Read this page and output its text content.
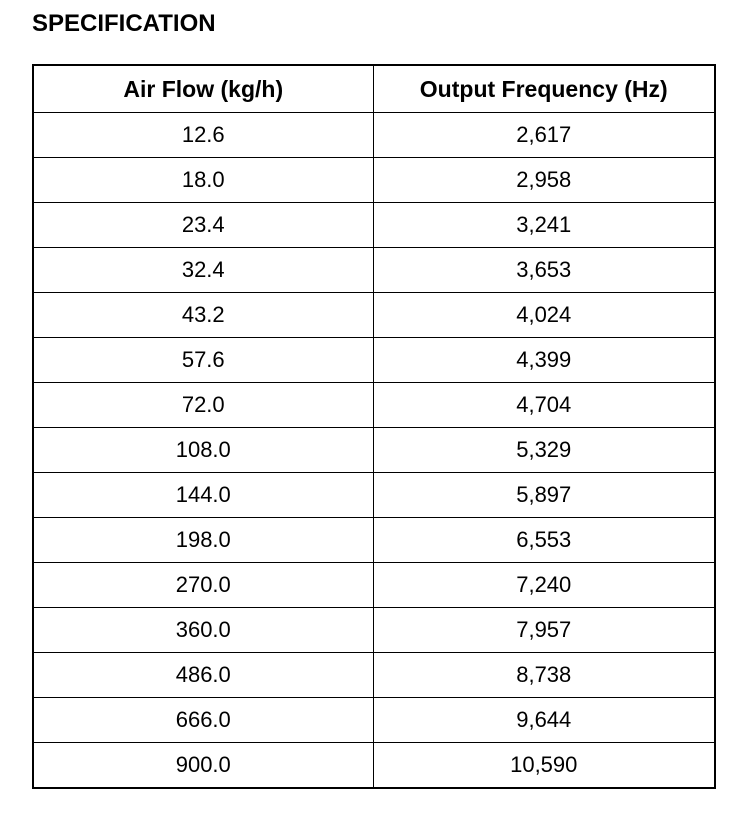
SPECIFICATION
Air Flow (kg/h)	Output Frequency (Hz)
12.6	2,617
18.0	2,958
23.4	3,241
32.4	3,653
43.2	4,024
57.6	4,399
72.0	4,704
108.0	5,329
144.0	5,897
198.0	6,553
270.0	7,240
360.0	7,957
486.0	8,738
666.0	9,644
900.0	10,590
